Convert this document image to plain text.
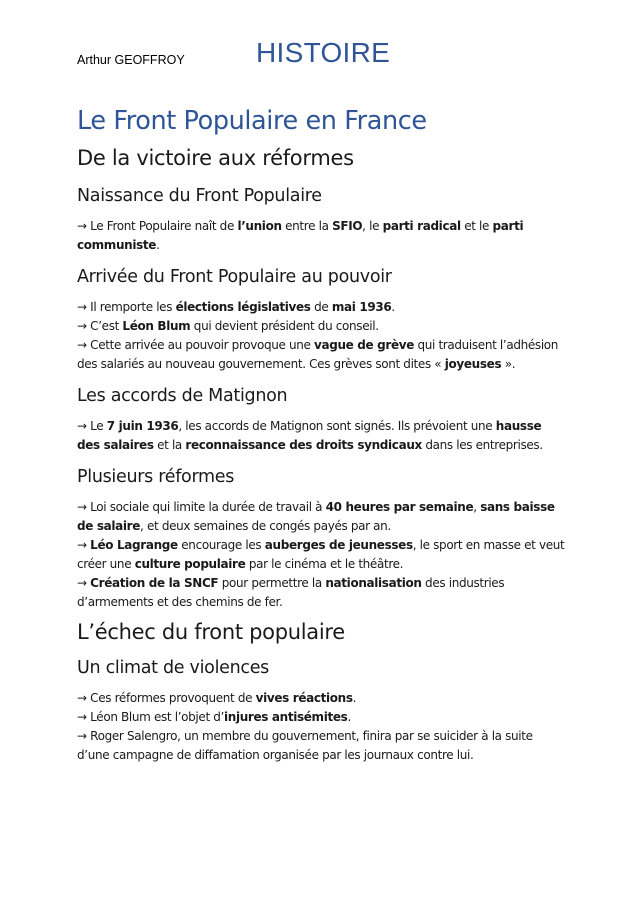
Arthur GEOFFROY	HISTOIRE
Le Front Populaire en France
De la victoire aux réformes
Naissance du Front Populaire

→ Le Front Populaire naît de l’union entre la SFIO, le parti radical et le parti communiste.

Arrivée du Front Populaire au pouvoir

→ Il remporte les élections législatives de mai 1936.

→ C’est Léon Blum qui devient président du conseil.

→ Cette arrivée au pouvoir provoque une vague de grève qui traduisent l’adhésion des salariés au nouveau gouvernement. Ces grèves sont dites « joyeuses ».

Les accords de Matignon

→ Le 7 juin 1936, les accords de Matignon sont signés. Ils prévoient une hausse des salaires et la reconnaissance des droits syndicaux dans les entreprises.

Plusieurs réformes

→ Loi sociale qui limite la durée de travail à 40 heures par semaine, sans baisse de salaire, et deux semaines de congés payés par an.

→ Léo Lagrange encourage les auberges de jeunesses, le sport en masse et veut créer une culture populaire par le cinéma et le théâtre.

→ Création de la SNCF pour permettre la nationalisation des industries d’armements et des chemins de fer.

L’échec du front populaire
Un climat de violences

→ Ces réformes provoquent de vives réactions.

→ Léon Blum est l’objet d’injures antisémites.

→ Roger Salengro, un membre du gouvernement, finira par se suicider à la suite d’une campagne de diffamation organisée par les journaux contre lui.
